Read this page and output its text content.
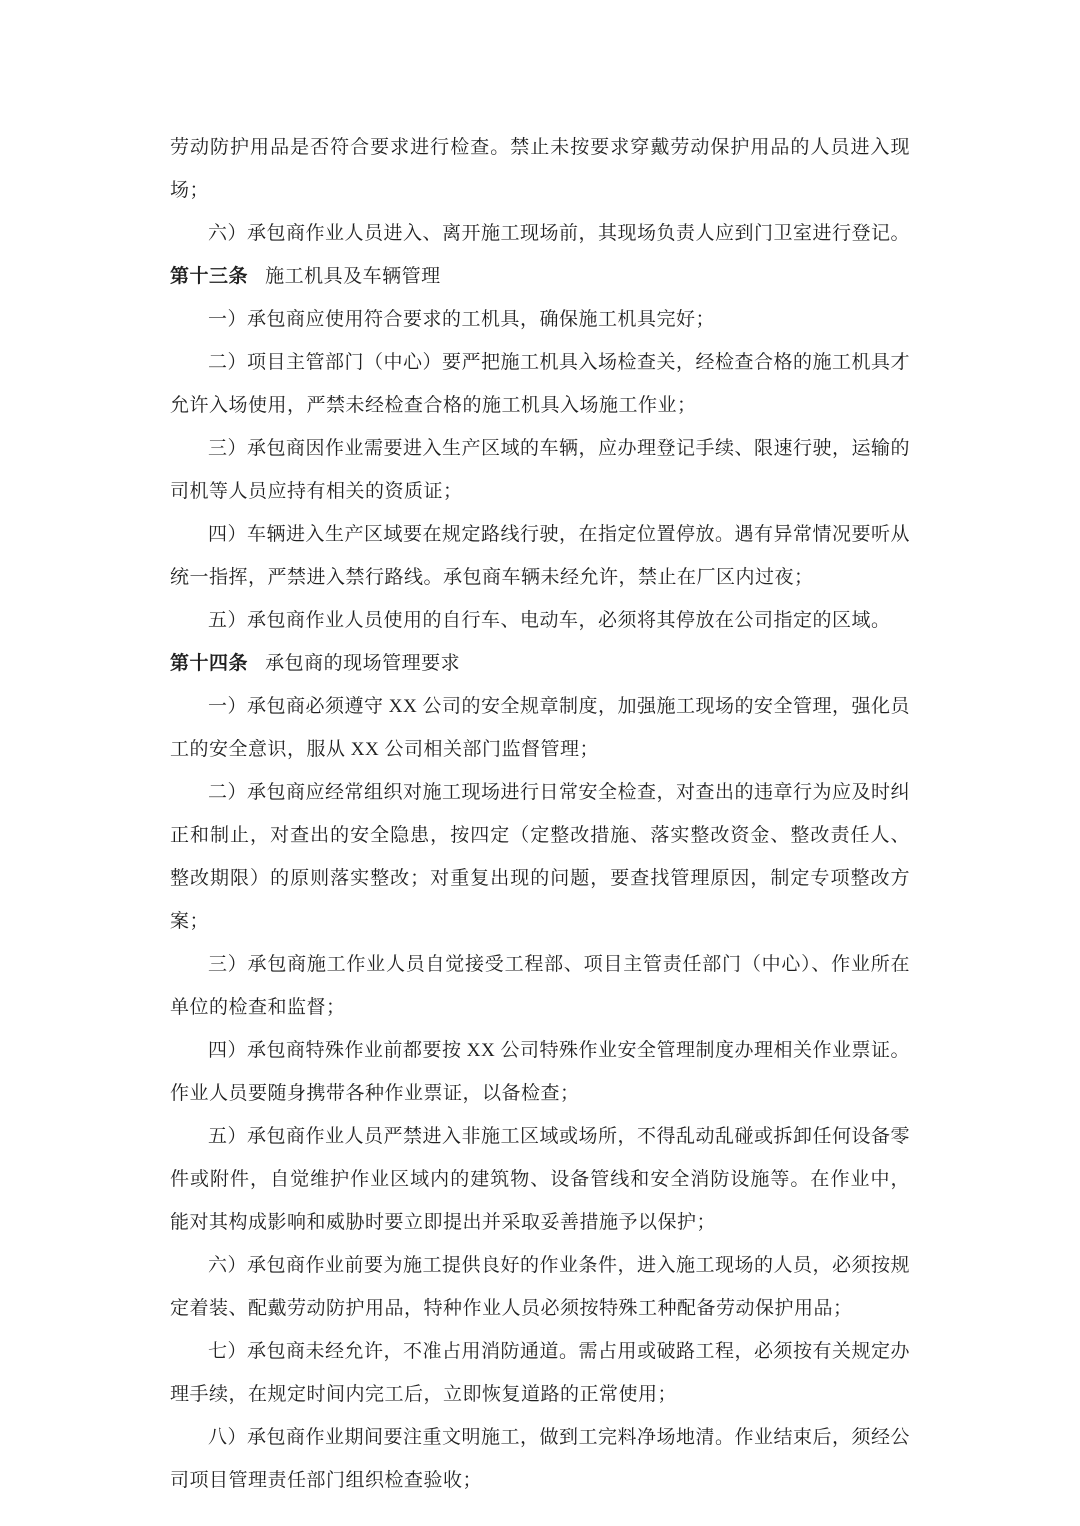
劳动防护用品是否符合要求进行检查。禁止未按要求穿戴劳动保护用品的人员进入现场；

六）承包商作业人员进入、离开施工现场前，其现场负责人应到门卫室进行登记。

第十三条 施工机具及车辆管理

一）承包商应使用符合要求的工机具，确保施工机具完好；

二）项目主管部门（中心）要严把施工机具入场检查关，经检查合格的施工机具才允许入场使用，严禁未经检查合格的施工机具入场施工作业；

三）承包商因作业需要进入生产区域的车辆，应办理登记手续、限速行驶，运输的司机等人员应持有相关的资质证；

四）车辆进入生产区域要在规定路线行驶，在指定位置停放。遇有异常情况要听从统一指挥，严禁进入禁行路线。承包商车辆未经允许，禁止在厂区内过夜；

五）承包商作业人员使用的自行车、电动车，必须将其停放在公司指定的区域。

第十四条 承包商的现场管理要求

一）承包商必须遵守 XX 公司的安全规章制度，加强施工现场的安全管理，强化员工的安全意识，服从 XX 公司相关部门监督管理；

二）承包商应经常组织对施工现场进行日常安全检查，对查出的违章行为应及时纠正和制止，对查出的安全隐患，按四定（定整改措施、落实整改资金、整改责任人、整改期限）的原则落实整改；对重复出现的问题，要查找管理原因，制定专项整改方案；

三）承包商施工作业人员自觉接受工程部、项目主管责任部门（中心）、作业所在单位的检查和监督；

四）承包商特殊作业前都要按 XX 公司特殊作业安全管理制度办理相关作业票证。作业人员要随身携带各种作业票证，以备检查；

五）承包商作业人员严禁进入非施工区域或场所，不得乱动乱碰或拆卸任何设备零件或附件，自觉维护作业区域内的建筑物、设备管线和安全消防设施等。在作业中，能对其构成影响和威胁时要立即提出并采取妥善措施予以保护；

六）承包商作业前要为施工提供良好的作业条件，进入施工现场的人员，必须按规定着装、配戴劳动防护用品，特种作业人员必须按特殊工种配备劳动保护用品；

七）承包商未经允许，不准占用消防通道。需占用或破路工程，必须按有关规定办理手续，在规定时间内完工后，立即恢复道路的正常使用；

八）承包商作业期间要注重文明施工，做到工完料净场地清。作业结束后，须经公司项目管理责任部门组织检查验收；
